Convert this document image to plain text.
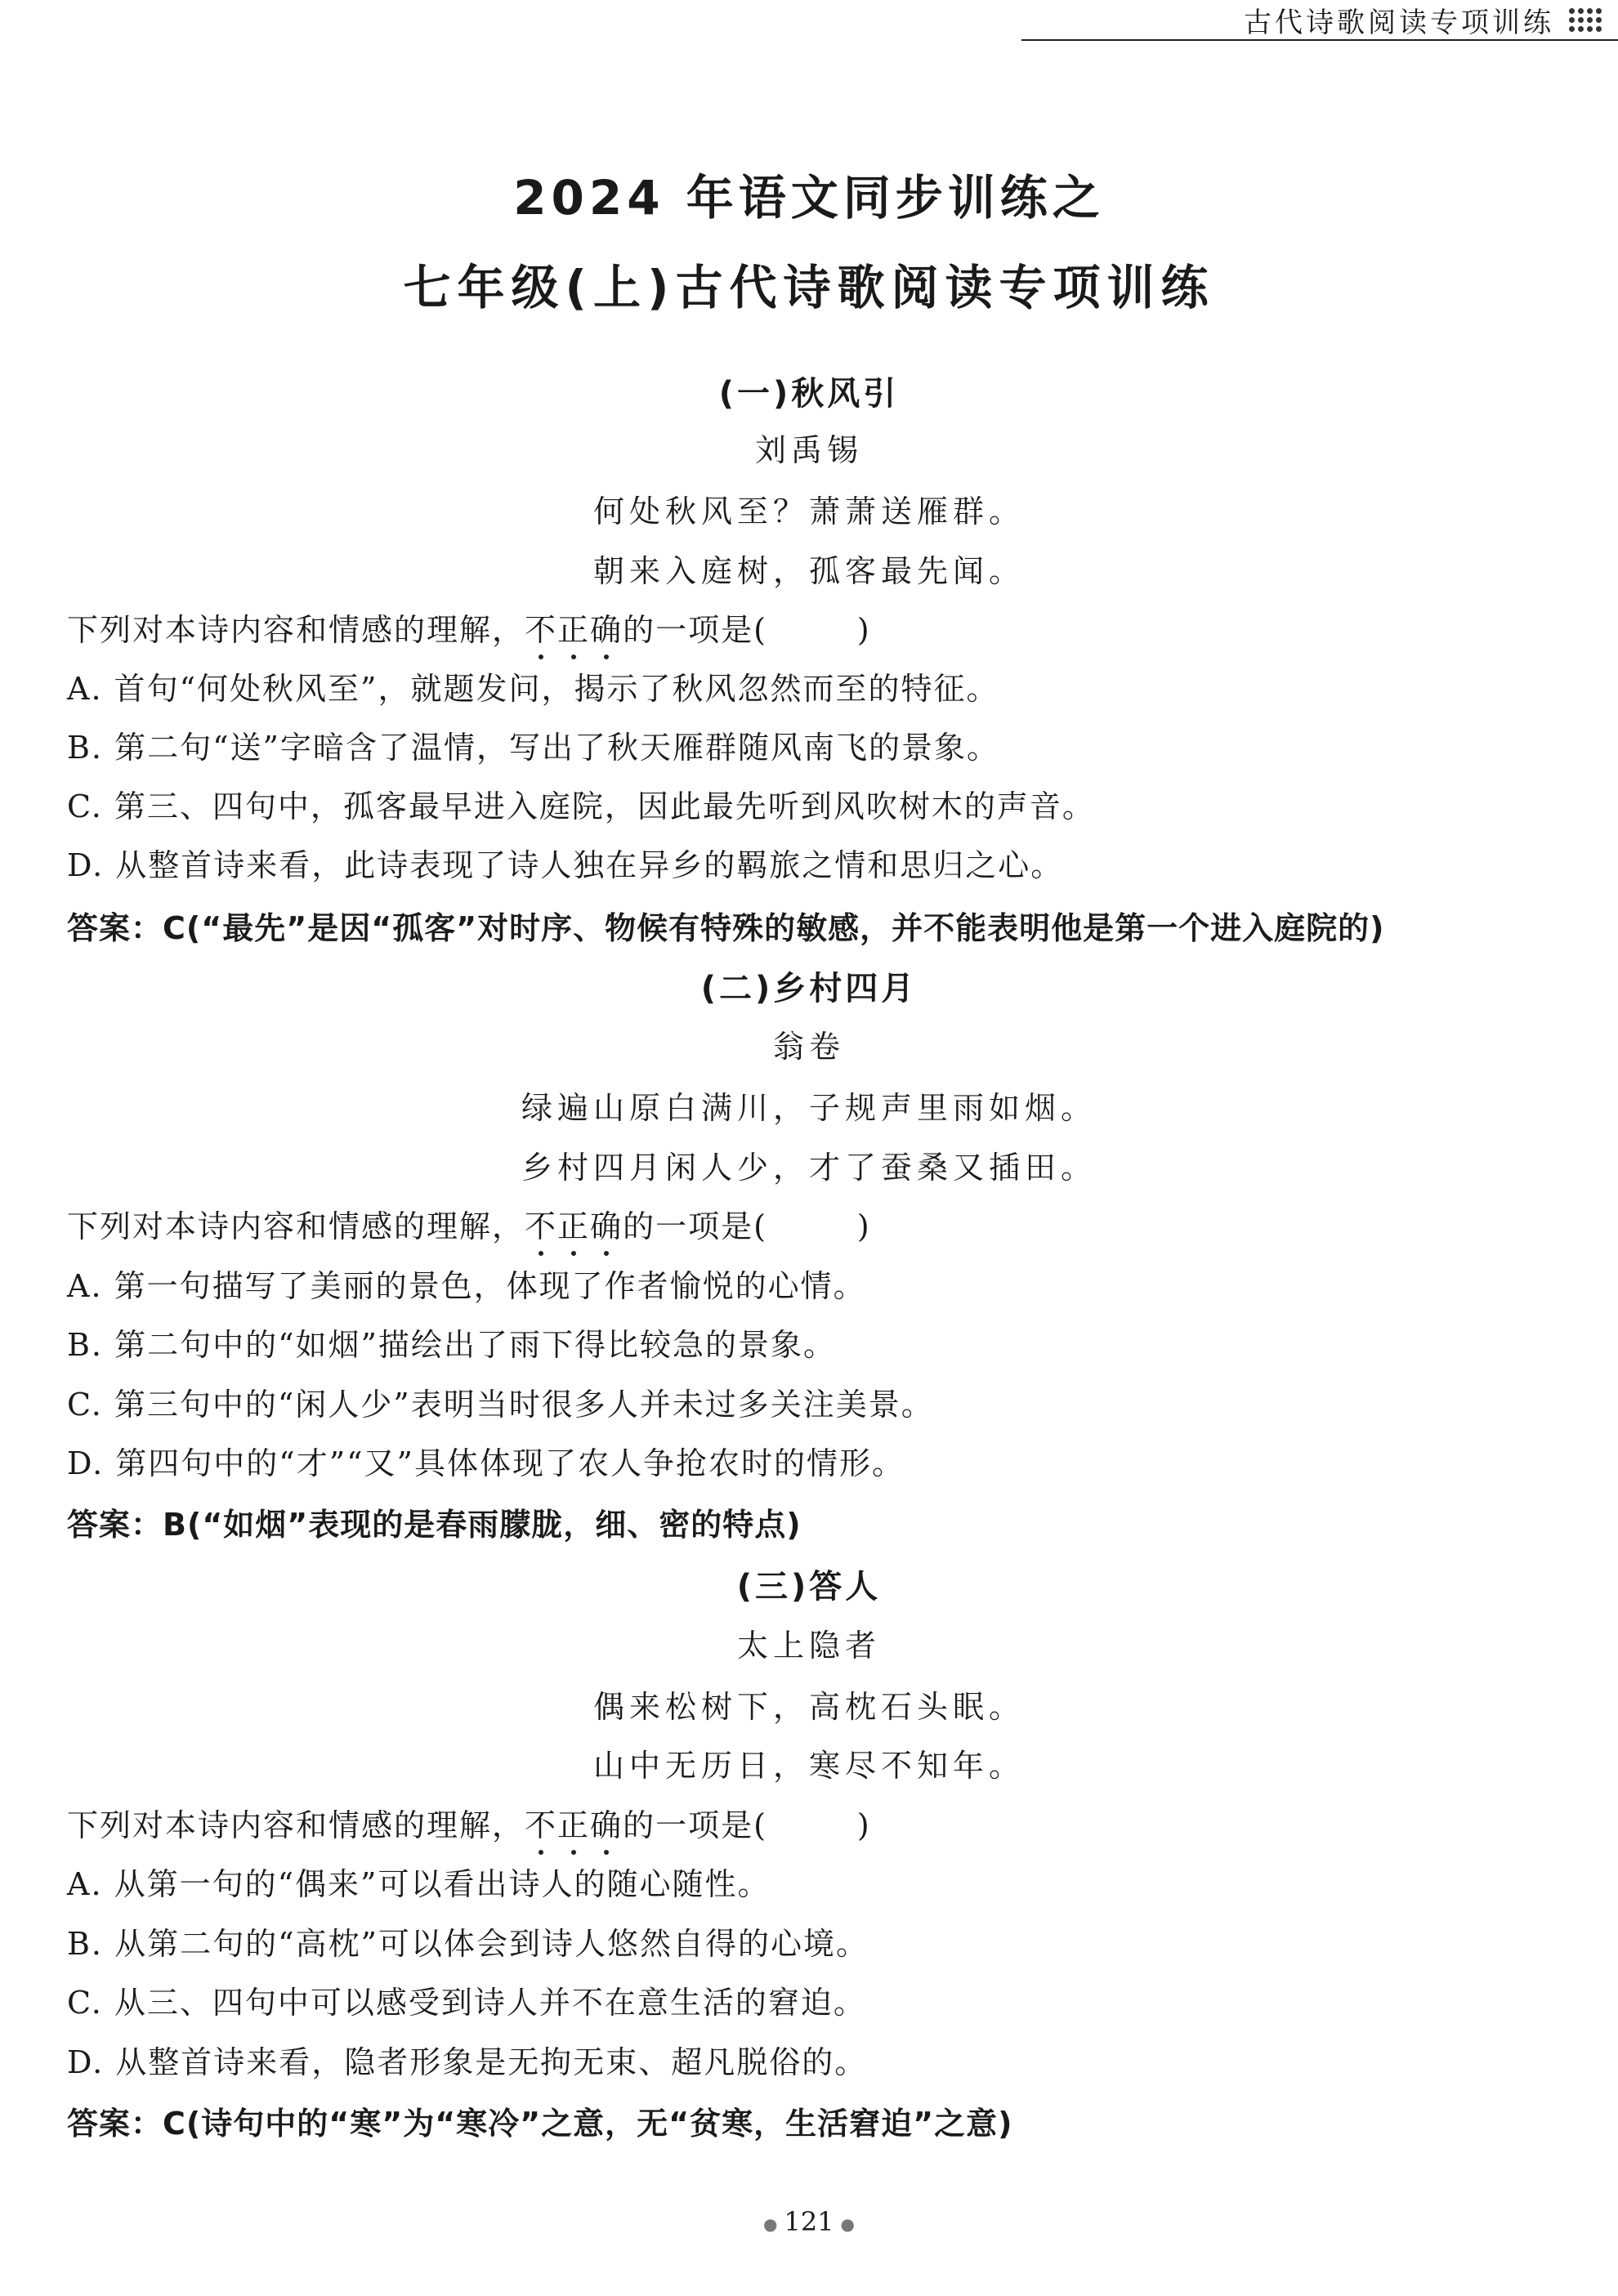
古代诗歌阅读专项训练
2024 年语文同步训练之
七年级(上)古代诗歌阅读专项训练
(一)秋风引
刘禹锡
何处秋风至？萧萧送雁群。
朝来入庭树，孤客最先闻。
下列对本诗内容和情感的理解，不正确的一项是(	)
A. 首句“何处秋风至”，就题发问，揭示了秋风忽然而至的特征。
B. 第二句“送”字暗含了温情，写出了秋天雁群随风南飞的景象。
C. 第三、四句中，孤客最早进入庭院，因此最先听到风吹树木的声音。
D. 从整首诗来看，此诗表现了诗人独在异乡的羁旅之情和思归之心。
答案：C(“最先”是因“孤客”对时序、物候有特殊的敏感，并不能表明他是第一个进入庭院的)
(二)乡村四月
翁卷
绿遍山原白满川，子规声里雨如烟。
乡村四月闲人少，才了蚕桑又插田。
下列对本诗内容和情感的理解，不正确的一项是(	)
A. 第一句描写了美丽的景色，体现了作者愉悦的心情。
B. 第二句中的“如烟”描绘出了雨下得比较急的景象。
C. 第三句中的“闲人少”表明当时很多人并未过多关注美景。
D. 第四句中的“才”“又”具体体现了农人争抢农时的情形。
答案：B(“如烟”表现的是春雨朦胧，细、密的特点)
(三)答人
太上隐者
偶来松树下，高枕石头眠。
山中无历日，寒尽不知年。
下列对本诗内容和情感的理解，不正确的一项是(	)
A. 从第一句的“偶来”可以看出诗人的随心随性。
B. 从第二句的“高枕”可以体会到诗人悠然自得的心境。
C. 从三、四句中可以感受到诗人并不在意生活的窘迫。
D. 从整首诗来看，隐者形象是无拘无束、超凡脱俗的。
答案：C(诗句中的“寒”为“寒冷”之意，无“贫寒，生活窘迫”之意)
● 121 ●
